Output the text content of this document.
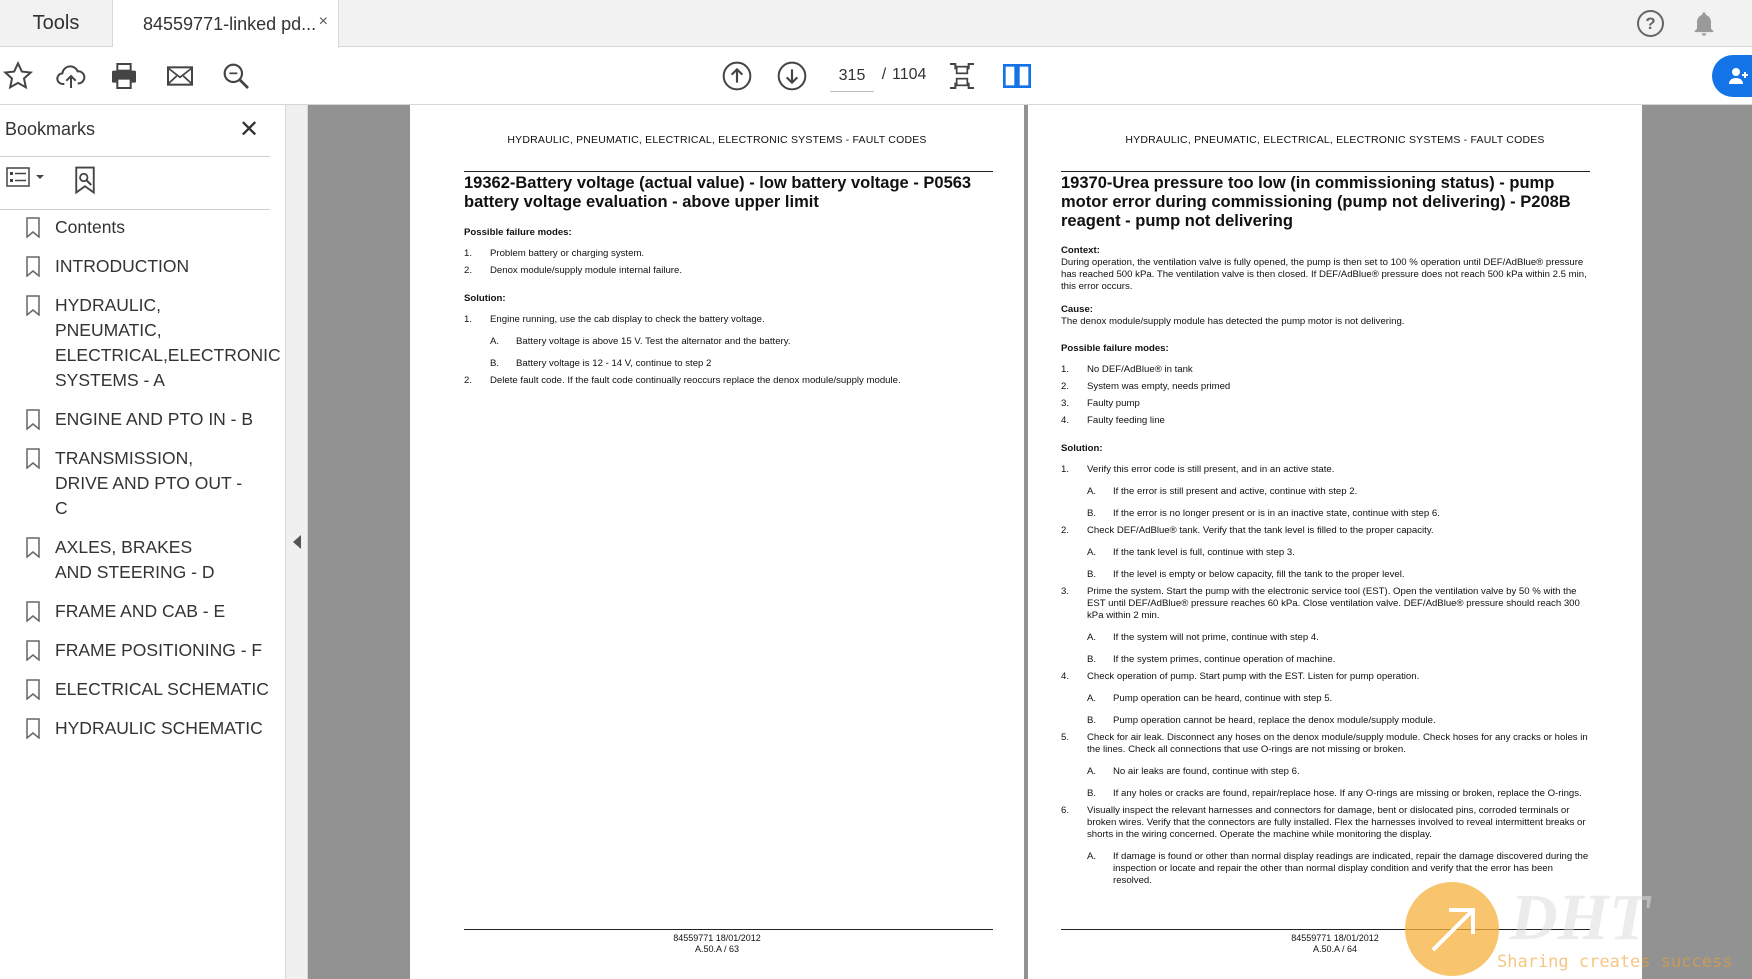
Tools	84559771-linked pd... ×	?
315	/ 1104
Bookmarks	✕
Contents
INTRODUCTION
HYDRAULIC, PNEUMATIC, ELECTRICAL,ELECTRONIC SYSTEMS - A
ENGINE AND PTO IN - B
TRANSMISSION, DRIVE AND PTO OUT - C
AXLES, BRAKES AND STEERING - D
FRAME AND CAB - E
FRAME POSITIONING - F
ELECTRICAL SCHEMATIC
HYDRAULIC SCHEMATIC
HYDRAULIC, PNEUMATIC, ELECTRICAL, ELECTRONIC SYSTEMS - FAULT CODES
19362-Battery voltage (actual value) - low battery voltage - P0563 battery voltage evaluation - above upper limit
Possible failure modes:
1. Problem battery or charging system.
2. Denox module/supply module internal failure.
Solution:
1. Engine running, use the cab display to check the battery voltage.
A. Battery voltage is above 15 V. Test the alternator and the battery.
B. Battery voltage is 12 - 14 V, continue to step 2
2. Delete fault code. If the fault code continually reoccurs replace the denox module/supply module.
84559771 18/01/2012
A.50.A / 63
HYDRAULIC, PNEUMATIC, ELECTRICAL, ELECTRONIC SYSTEMS - FAULT CODES
19370-Urea pressure too low (in commissioning status) - pump motor error during commissioning (pump not delivering) - P208B reagent - pump not delivering
Context:
During operation, the ventilation valve is fully opened, the pump is then set to 100 % operation until DEF/AdBlue® pressure has reached 500 kPa. The ventilation valve is then closed. If DEF/AdBlue® pressure does not reach 500 kPa within 2.5 min, this error occurs.
Cause:
The denox module/supply module has detected the pump motor is not delivering.
Possible failure modes:
1. No DEF/AdBlue® in tank
2. System was empty, needs primed
3. Faulty pump
4. Faulty feeding line
Solution:
1. Verify this error code is still present, and in an active state.
A. If the error is still present and active, continue with step 2.
B. If the error is no longer present or is in an inactive state, continue with step 6.
2. Check DEF/AdBlue® tank. Verify that the tank level is filled to the proper capacity.
A. If the tank level is full, continue with step 3.
B. If the level is empty or below capacity, fill the tank to the proper level.
3. Prime the system. Start the pump with the electronic service tool (EST). Open the ventilation valve by 50 % with the EST until DEF/AdBlue® pressure reaches 60 kPa. Close ventilation valve. DEF/AdBlue® pressure should reach 300 kPa within 2 min.
A. If the system will not prime, continue with step 4.
B. If the system primes, continue operation of machine.
4. Check operation of pump. Start pump with the EST. Listen for pump operation.
A. Pump operation can be heard, continue with step 5.
B. Pump operation cannot be heard, replace the denox module/supply module.
5. Check for air leak. Disconnect any hoses on the denox module/supply module. Check hoses for any cracks or holes in the lines. Check all connections that use O-rings are not missing or broken.
A. No air leaks are found, continue with step 6.
B. If any holes or cracks are found, repair/replace hose. If any O-rings are missing or broken, replace the O-rings.
6. Visually inspect the relevant harnesses and connectors for damage, bent or dislocated pins, corroded terminals or broken wires. Verify that the connectors are fully installed. Flex the harnesses involved to reveal intermittent breaks or shorts in the wiring concerned. Operate the machine while monitoring the display.
A. If damage is found or other than normal display readings are indicated, repair the damage discovered during the inspection or locate and repair the other than normal display condition and verify that the error has been resolved.
84559771 18/01/2012
A.50.A / 64	DHT
Sharing creates success
